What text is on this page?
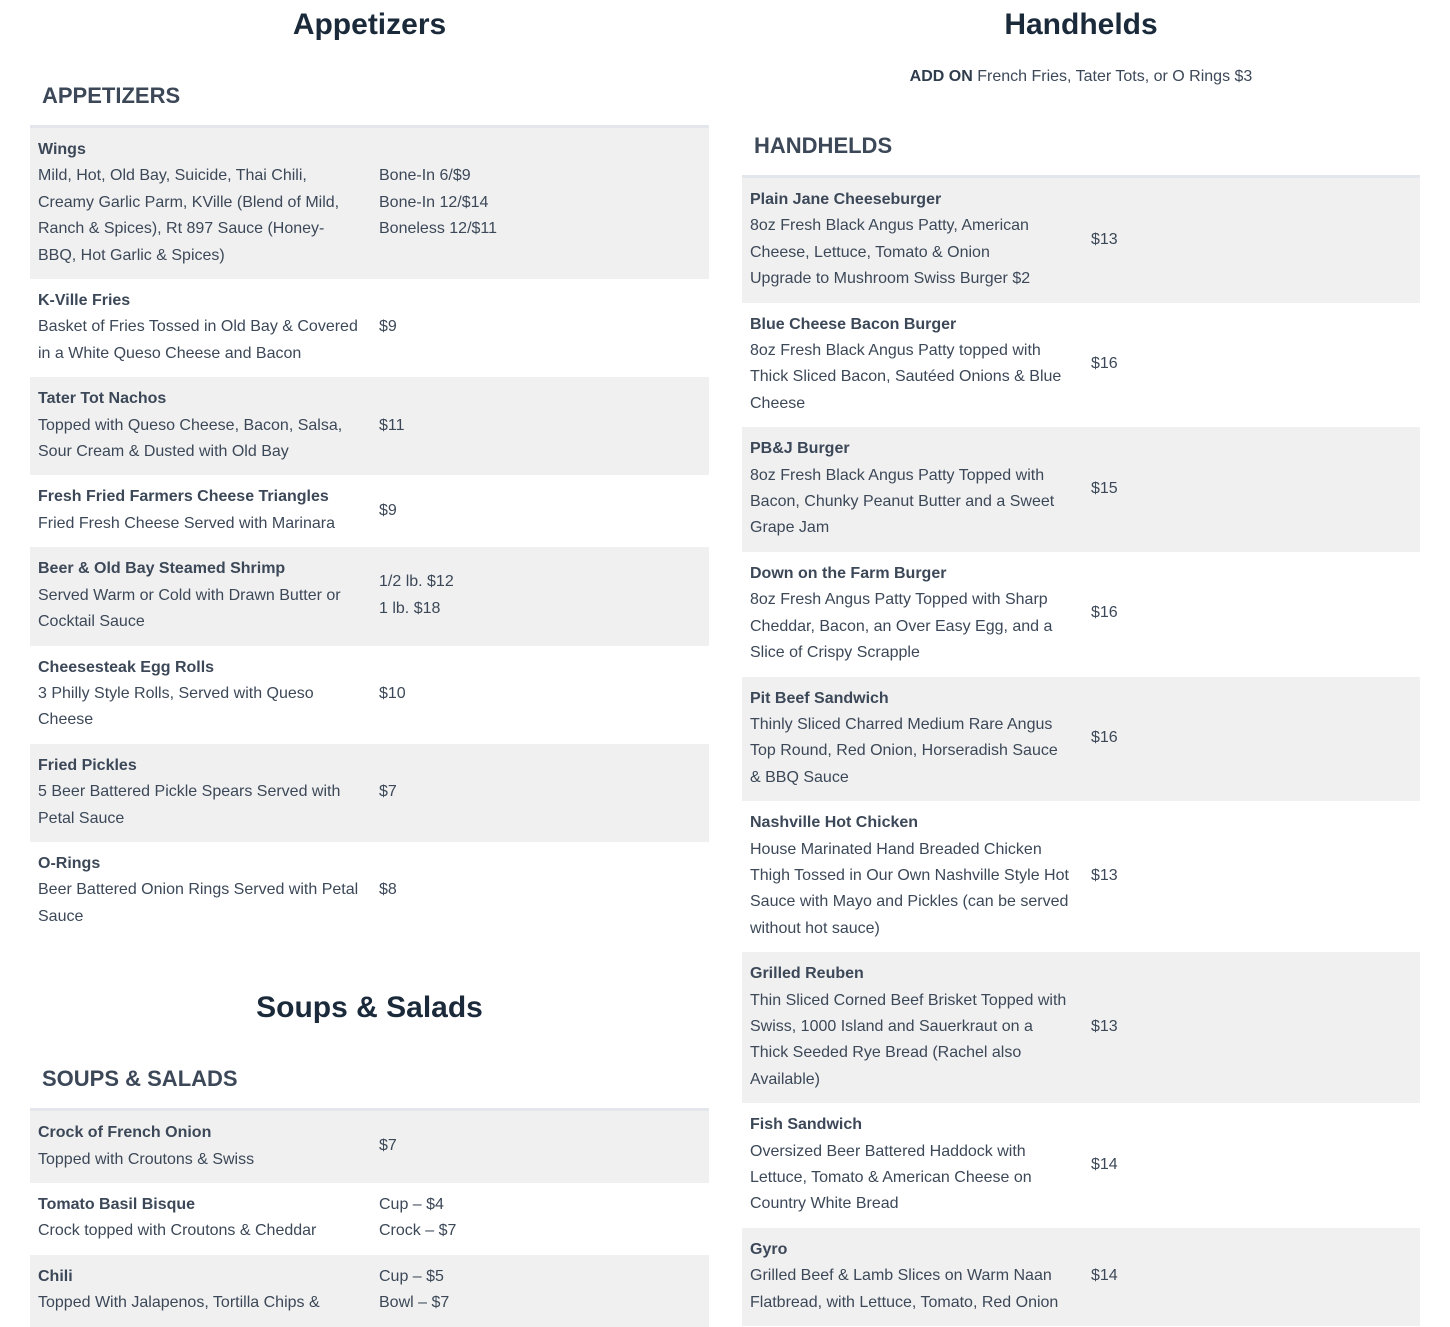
Appetizers
APPETIZERS
Wings
Mild, Hot, Old Bay, Suicide, Thai Chili, Creamy Garlic Parm, KVille (Blend of Mild, Ranch & Spices), Rt 897 Sauce (Honey-BBQ, Hot Garlic & Spices)
Bone-In 6/$9
Bone-In 12/$14
Boneless 12/$11
K-Ville Fries
Basket of Fries Tossed in Old Bay & Covered in a White Queso Cheese and Bacon
$9
Tater Tot Nachos
Topped with Queso Cheese, Bacon, Salsa, Sour Cream & Dusted with Old Bay
$11
Fresh Fried Farmers Cheese Triangles
Fried Fresh Cheese Served with Marinara
$9
Beer & Old Bay Steamed Shrimp
Served Warm or Cold with Drawn Butter or Cocktail Sauce
1/2 lb. $12
1 lb. $18
Cheesesteak Egg Rolls
3 Philly Style Rolls, Served with Queso Cheese
$10
Fried Pickles
5 Beer Battered Pickle Spears Served with Petal Sauce
$7
O-Rings
Beer Battered Onion Rings Served with Petal Sauce
$8
Soups & Salads
SOUPS & SALADS
Crock of French Onion
Topped with Croutons & Swiss
$7
Tomato Basil Bisque
Crock topped with Croutons & Cheddar
Cup – $4
Crock – $7
Chili
Topped With Jalapenos, Tortilla Chips &
Cup – $5
Bowl – $7
Handhelds
ADD ON French Fries, Tater Tots, or O Rings $3
HANDHELDS
Plain Jane Cheeseburger
8oz Fresh Black Angus Patty, American Cheese, Lettuce, Tomato & Onion
Upgrade to Mushroom Swiss Burger $2
$13
Blue Cheese Bacon Burger
8oz Fresh Black Angus Patty topped with Thick Sliced Bacon, Sautéed Onions & Blue Cheese
$16
PB&J Burger
8oz Fresh Black Angus Patty Topped with Bacon, Chunky Peanut Butter and a Sweet Grape Jam
$15
Down on the Farm Burger
8oz Fresh Angus Patty Topped with Sharp Cheddar, Bacon, an Over Easy Egg, and a Slice of Crispy Scrapple
$16
Pit Beef Sandwich
Thinly Sliced Charred Medium Rare Angus Top Round, Red Onion, Horseradish Sauce & BBQ Sauce
$16
Nashville Hot Chicken
House Marinated Hand Breaded Chicken Thigh Tossed in Our Own Nashville Style Hot Sauce with Mayo and Pickles (can be served without hot sauce)
$13
Grilled Reuben
Thin Sliced Corned Beef Brisket Topped with Swiss, 1000 Island and Sauerkraut on a Thick Seeded Rye Bread (Rachel also Available)
$13
Fish Sandwich
Oversized Beer Battered Haddock with Lettuce, Tomato & American Cheese on Country White Bread
$14
Gyro
Grilled Beef & Lamb Slices on Warm Naan Flatbread, with Lettuce, Tomato, Red Onion
$14
